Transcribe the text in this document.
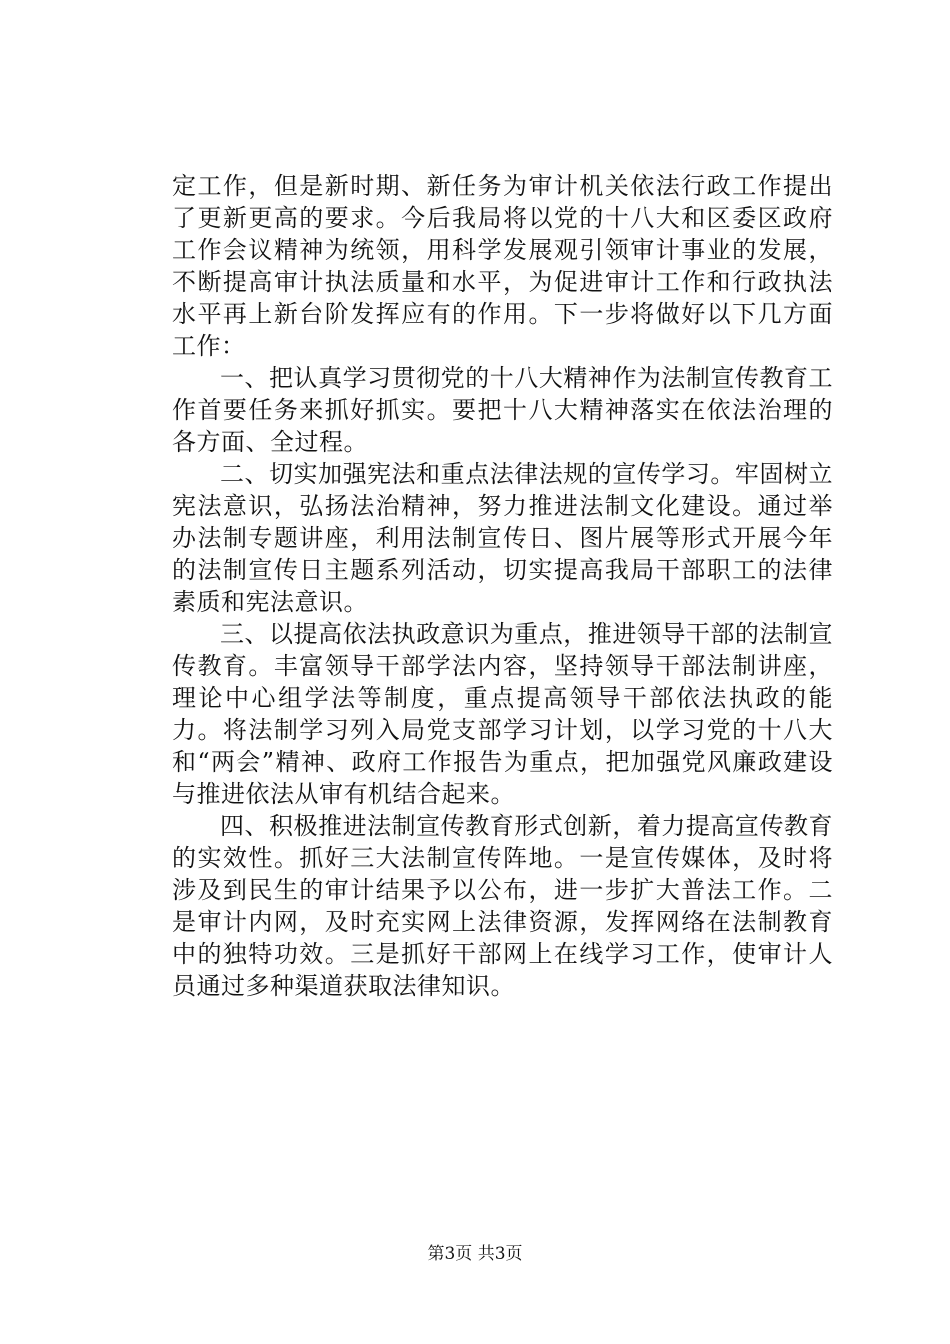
定工作，但是新时期、新任务为审计机关依法行政工作提出了更新更高的要求。今后我局将以党的十八大和区委区政府工作会议精神为统领，用科学发展观引领审计事业的发展，不断提高审计执法质量和水平，为促进审计工作和行政执法水平再上新台阶发挥应有的作用。下一步将做好以下几方面工作：

一、把认真学习贯彻党的十八大精神作为法制宣传教育工作首要任务来抓好抓实。要把十八大精神落实在依法治理的各方面、全过程。

二、切实加强宪法和重点法律法规的宣传学习。牢固树立宪法意识，弘扬法治精神，努力推进法制文化建设。通过举办法制专题讲座，利用法制宣传日、图片展等形式开展今年的法制宣传日主题系列活动，切实提高我局干部职工的法律素质和宪法意识。

三、以提高依法执政意识为重点，推进领导干部的法制宣传教育。丰富领导干部学法内容，坚持领导干部法制讲座，理论中心组学法等制度，重点提高领导干部依法执政的能力。将法制学习列入局党支部学习计划，以学习党的十八大和“两会”精神、政府工作报告为重点，把加强党风廉政建设与推进依法从审有机结合起来。

四、积极推进法制宣传教育形式创新，着力提高宣传教育的实效性。抓好三大法制宣传阵地。一是宣传媒体，及时将涉及到民生的审计结果予以公布，进一步扩大普法工作。二是审计内网，及时充实网上法律资源，发挥网络在法制教育中的独特功效。三是抓好干部网上在线学习工作，使审计人员通过多种渠道获取法律知识。

第3页 共3页
